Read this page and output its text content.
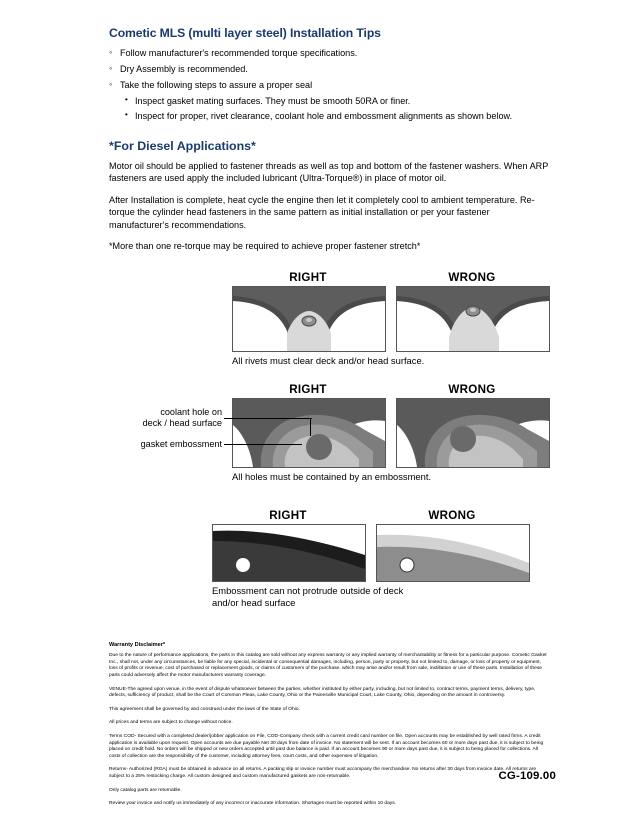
Cometic MLS (multi layer steel) Installation Tips
◦ Follow manufacturer's recommended torque specifications.
◦ Dry Assembly is recommended.
◦ Take the following steps to assure a proper seal
• Inspect gasket mating surfaces. They must be smooth 50RA or finer.
• Inspect for proper, rivet clearance, coolant hole and embossment alignments as shown below.
*For Diesel Applications*

Motor oil should be applied to fastener threads as well as top and bottom of the fastener washers. When ARP fasteners are used apply the included lubricant (Ultra-Torque®) in place of motor oil.

After Installation is complete, heat cycle the engine then let it completely cool to ambient temperature. Re-torque the cylinder head fasteners in the same pattern as initial installation or per your fastener manufacturer's recommendations.

*More than one re-torque may be required to achieve proper fastener stretch*

RIGHT	WRONG
All rivets must clear deck and/or head surface.
RIGHT	WRONG
All holes must be contained by an embossment.
coolant hole on
deck / head surface
gasket embossment
RIGHT	WRONG
Embossment can not protrude outside of deck
and/or head surface
Warranty Disclaimer*

Due to the nature of performance applications, the parts in this catalog are sold without any express warranty or any implied warranty of merchantability or fitness for a particular purpose. Cometic Gasket Inc., shall not, under any circumstances, be liable for any special, incidental or consequential damages, including, person, party or property, but not limited to, damage, or loss of property or equipment, loss of profits or revenue, cost of purchased or replacement goods, or claims of customers of the purchase, which may arise and/or result from sale, instillation or use of these parts. Installation of these parts could adversely affect the motor manufacturers warranty coverage.

VENUE-The agreed upon venue, in the event of dispute whatsoever between the parties, whether instituted by either party, including, but not limited to, contract terms, payment terms, delivery, type, defects, sufficiency of product, shall be the Court of Common Pleas, Lake County, Ohio or the Painesville Municipal Court, Lake County, Ohio, depending on the amount in controversy.

This agreement shall be governed by and construed under the laws of the State of Ohio.

All prices and terms are subject to change without notice.

Terms COD- Secured with a completed dealer/jobber application on File, COD-Company check with a current credit card number on file. Open accounts may be established by well rated firms. A credit application is available upon request. Open accounts are due payable Net 30 days from date of invoice. No statement will be sent. If an account becomes 60 or more days past due, it is subject to being placed on credit hold. No orders will be shipped or new orders accepted until past due balance is paid. If an account becomes 90 or more days past due, it is subject to being placed for collections. All costs of collection are the responsibility of the customer, including attorney fees, court costs, and other expenses of litigation.

Returns- Authorized (RGA) must be obtained in advance on all returns. A packing slip or invoice number must accompany the merchandise. No returns after 30 days from invoice date. All returns are subject to a 25% restocking charge. All custom designed and custom manufactured gaskets are non-returnable.

Only catalog parts are returnable.

Review your invoice and notify us immediately of any incorrect or inaccurate information. Shortages must be reported within 10 days.

CG-109.00
